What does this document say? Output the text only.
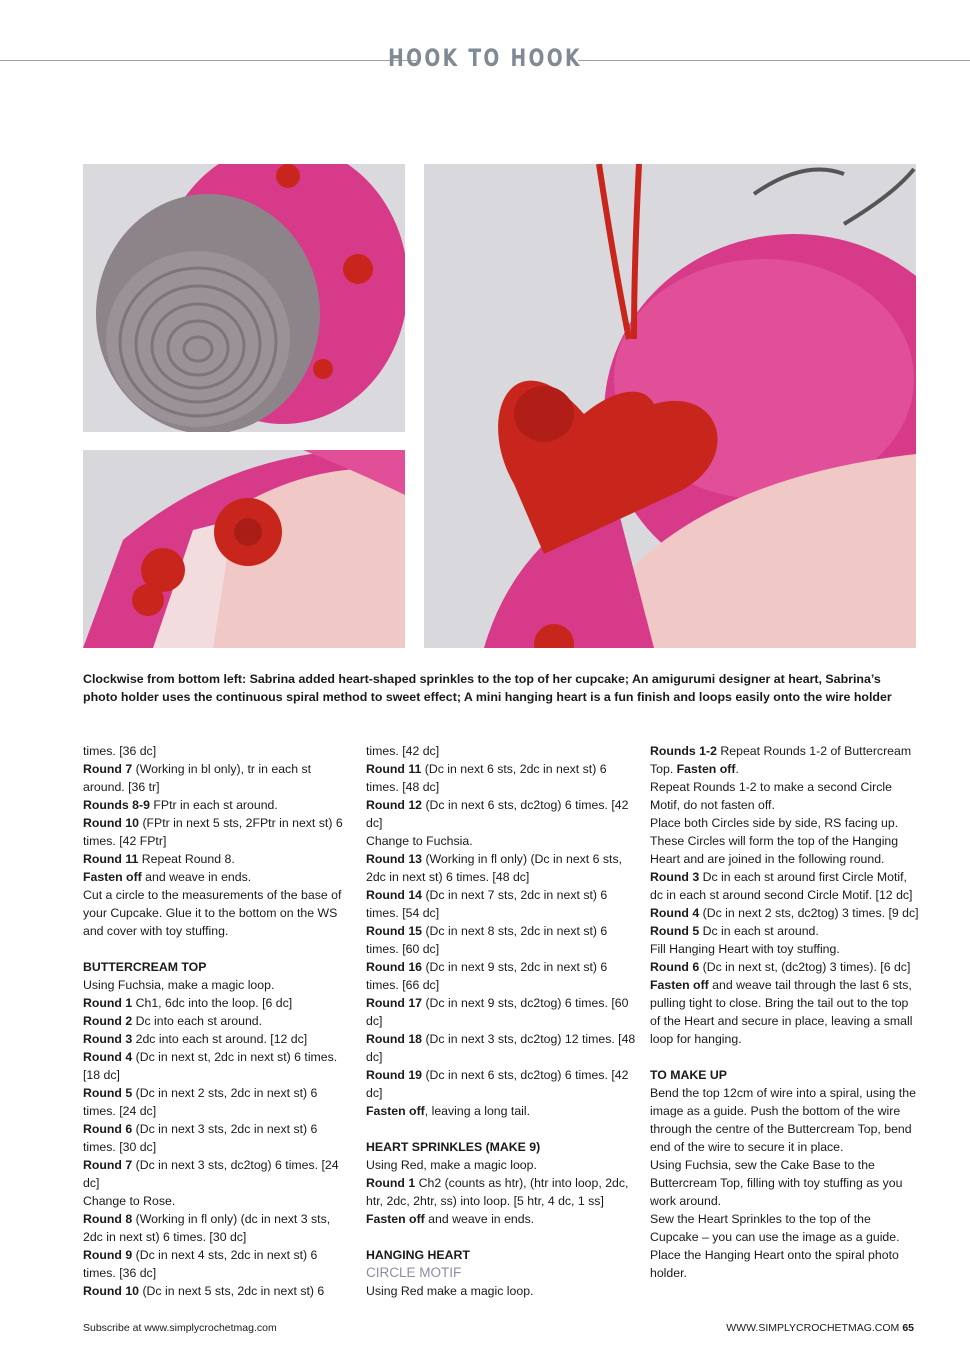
HOOK TO HOOK
Clockwise from bottom left: Sabrina added heart-shaped sprinkles to the top of her cupcake; An amigurumi designer at heart, Sabrina’s photo holder uses the continuous spiral method to sweet effect; A mini hanging heart is a fun finish and loops easily onto the wire holder

times. [36 dc]

Round 7 (Working in bl only), tr in each st around. [36 tr]

Rounds 8-9 FPtr in each st around.

Round 10 (FPtr in next 5 sts, 2FPtr in next st) 6 times. [42 FPtr]

Round 11 Repeat Round 8.

Fasten off and weave in ends.

Cut a circle to the measurements of the base of your Cupcake. Glue it to the bottom on the WS and cover with toy stuffing.

BUTTERCREAM TOP

Using Fuchsia, make a magic loop.

Round 1 Ch1, 6dc into the loop. [6 dc]

Round 2 Dc into each st around.

Round 3 2dc into each st around. [12 dc]

Round 4 (Dc in next st, 2dc in next st) 6 times. [18 dc]

Round 5 (Dc in next 2 sts, 2dc in next st) 6 times. [24 dc]

Round 6 (Dc in next 3 sts, 2dc in next st) 6 times. [30 dc]

Round 7 (Dc in next 3 sts, dc2tog) 6 times. [24 dc]

Change to Rose.

Round 8 (Working in fl only) (dc in next 3 sts, 2dc in next st) 6 times. [30 dc]

Round 9 (Dc in next 4 sts, 2dc in next st) 6 times. [36 dc]

Round 10 (Dc in next 5 sts, 2dc in next st) 6

times. [42 dc]

Round 11 (Dc in next 6 sts, 2dc in next st) 6 times. [48 dc]

Round 12 (Dc in next 6 sts, dc2tog) 6 times. [42 dc]

Change to Fuchsia.

Round 13 (Working in fl only) (Dc in next 6 sts, 2dc in next st) 6 times. [48 dc]

Round 14 (Dc in next 7 sts, 2dc in next st) 6 times. [54 dc]

Round 15 (Dc in next 8 sts, 2dc in next st) 6 times. [60 dc]

Round 16 (Dc in next 9 sts, 2dc in next st) 6 times. [66 dc]

Round 17 (Dc in next 9 sts, dc2tog) 6 times. [60 dc]

Round 18 (Dc in next 3 sts, dc2tog) 12 times. [48 dc]

Round 19 (Dc in next 6 sts, dc2tog) 6 times. [42 dc]

Fasten off, leaving a long tail.

HEART SPRINKLES (MAKE 9)

Using Red, make a magic loop.

Round 1 Ch2 (counts as htr), (htr into loop, 2dc, htr, 2dc, 2htr, ss) into loop. [5 htr, 4 dc, 1 ss]

Fasten off and weave in ends.

HANGING HEART

CIRCLE MOTIF

Using Red make a magic loop.

Rounds 1-2 Repeat Rounds 1-2 of Buttercream Top. Fasten off.

Repeat Rounds 1-2 to make a second Circle Motif, do not fasten off.

Place both Circles side by side, RS facing up. These Circles will form the top of the Hanging Heart and are joined in the following round.

Round 3 Dc in each st around first Circle Motif, dc in each st around second Circle Motif. [12 dc]

Round 4 (Dc in next 2 sts, dc2tog) 3 times. [9 dc]

Round 5 Dc in each st around.

Fill Hanging Heart with toy stuffing.

Round 6 (Dc in next st, (dc2tog) 3 times). [6 dc]

Fasten off and weave tail through the last 6 sts, pulling tight to close. Bring the tail out to the top of the Heart and secure in place, leaving a small loop for hanging.

TO MAKE UP

Bend the top 12cm of wire into a spiral, using the image as a guide. Push the bottom of the wire through the centre of the Buttercream Top, bend end of the wire to secure it in place.

Using Fuchsia, sew the Cake Base to the Buttercream Top, filling with toy stuffing as you work around.

Sew the Heart Sprinkles to the top of the Cupcake – you can use the image as a guide.

Place the Hanging Heart onto the spiral photo holder.

Subscribe at www.simplycrochetmag.com	WWW.SIMPLYCROCHETMAG.COM 65
